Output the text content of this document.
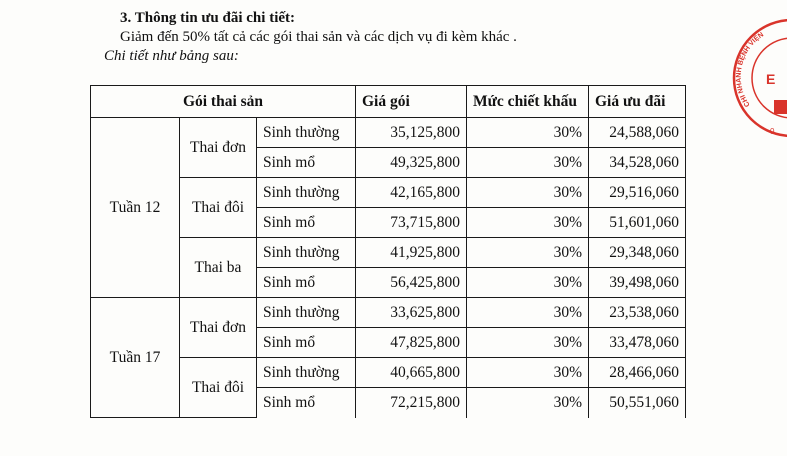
3. Thông tin ưu đãi chi tiết:
Giảm đến 50% tất cả các gói thai sản và các dịch vụ đi kèm khác .
Chi tiết như bảng sau:
Gói thai sản			Giá gói	Mức chiết khấu	Giá ưu đãi
Tuần 12	Thai đơn	Sinh thường	35,125,800	30%	24,588,060
		Sinh mổ	49,325,800	30%	34,528,060
	Thai đôi	Sinh thường	42,165,800	30%	29,516,060
		Sinh mổ	73,715,800	30%	51,601,060
	Thai ba	Sinh thường	41,925,800	30%	29,348,060
		Sinh mổ	56,425,800	30%	39,498,060
Tuần 17	Thai đơn	Sinh thường	33,625,800	30%	23,538,060
		Sinh mổ	47,825,800	30%	33,478,060
	Thai đôi	Sinh thường	40,665,800	30%	28,466,060
		Sinh mổ	72,215,800	30%	50,551,060
CHI NHÁNH BỆNH VIỆN
0.
E
